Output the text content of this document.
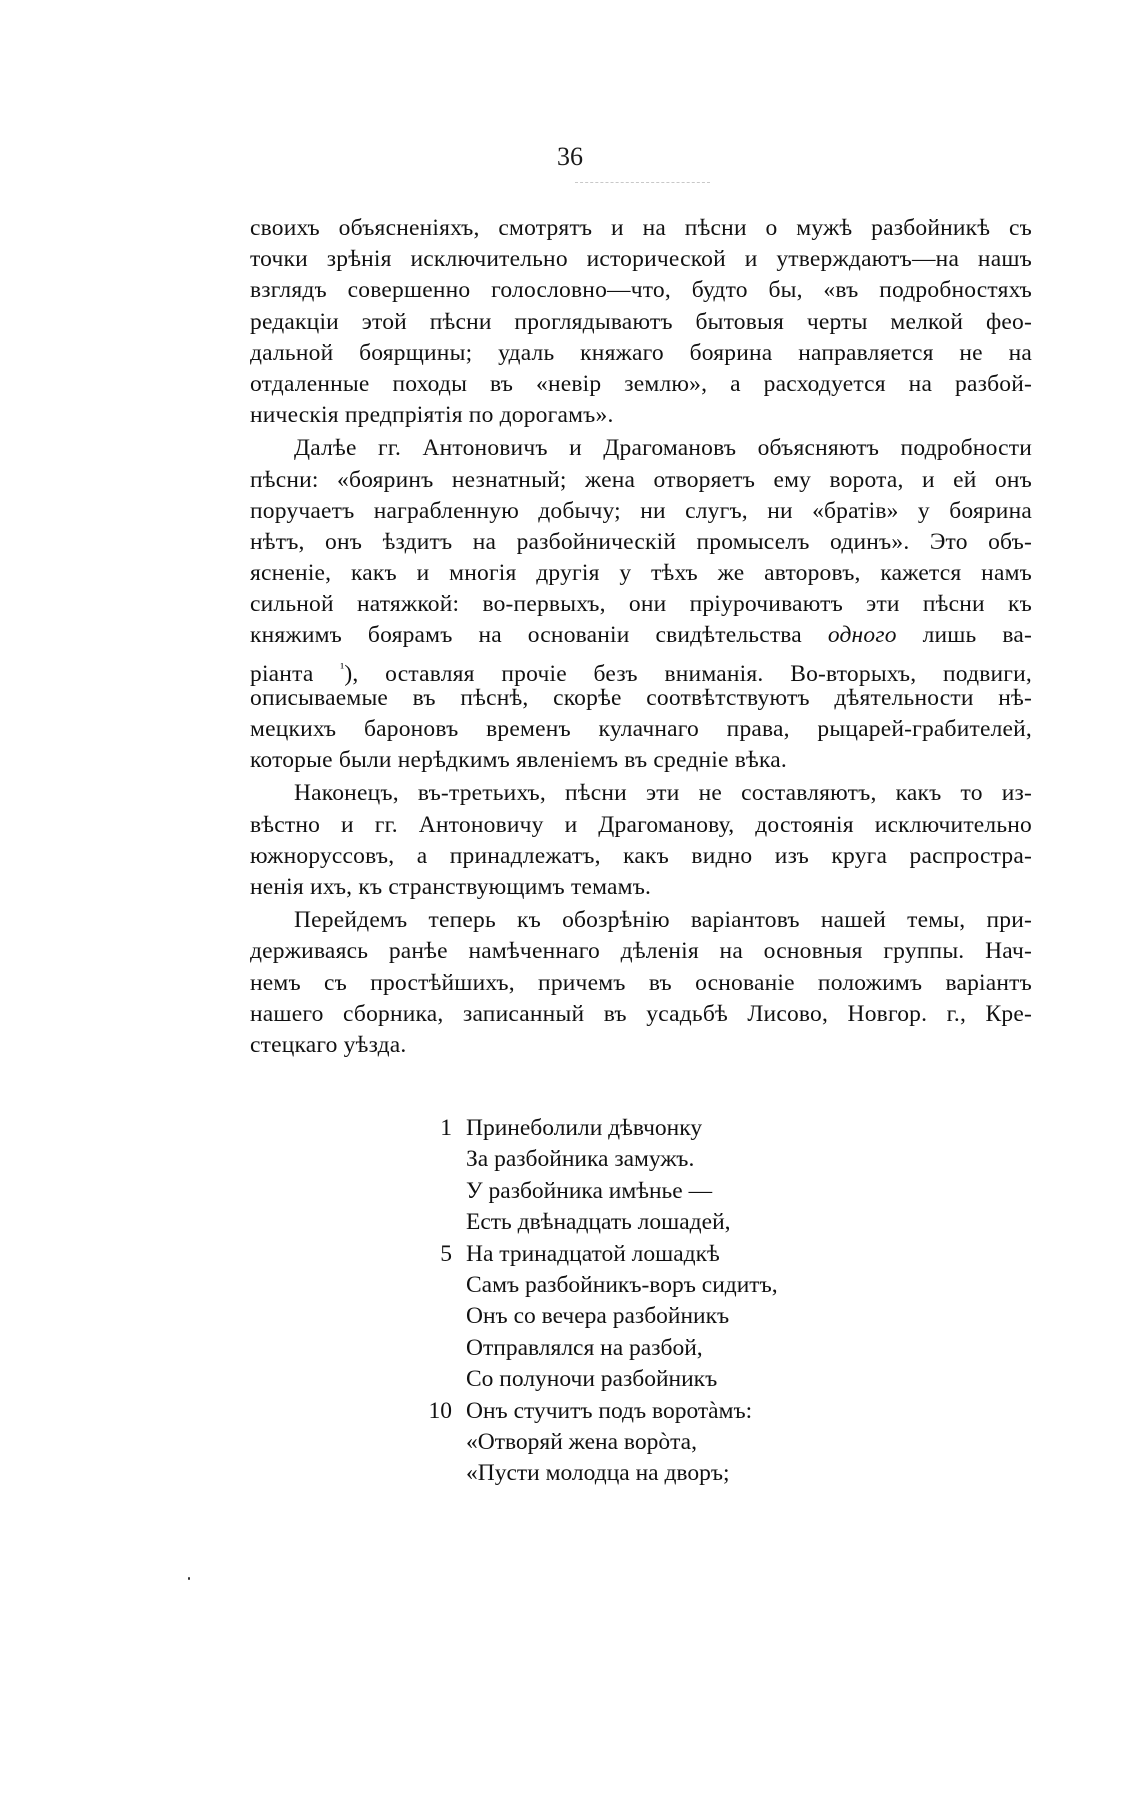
36

своихъ объясненіяхъ, смотрятъ и на пѣсни о мужѣ разбойникѣ съ
точки зрѣнія исключительно исторической и утверждаютъ—на нашъ
взглядъ совершенно голословно—что, будто бы, «въ подробностяхъ
редакціи этой пѣсни проглядываютъ бытовыя черты мелкой фео-
дальной боярщины; удаль княжаго боярина направляется не на
отдаленные походы въ «невір землю», а расходуется на разбой-
ническія предпріятія по дорогамъ».

Далѣе гг. Антоновичъ и Драгомановъ объясняютъ подробности
пѣсни: «бояринъ незнатный; жена отворяетъ ему ворота, и ей онъ
поручаетъ награбленную добычу; ни слугъ, ни «братів» у боярина
нѣтъ, онъ ѣздитъ на разбойническій промыселъ одинъ». Это объ-
ясненіе, какъ и многія другія у тѣхъ же авторовъ, кажется намъ
сильной натяжкой: во-первыхъ, они пріурочиваютъ эти пѣсни къ
княжимъ боярамъ на основаніи свидѣтельства одного лишь ва-
ріанта $^{^1}$), оставляя прочіе безъ вниманія. Во-вторыхъ, подвиги,
описываемые въ пѣснѣ, скорѣе соотвѣтствуютъ дѣятельности нѣ-
мецкихъ бароновъ временъ кулачнаго права, рыцарей-грабителей,
которые были нерѣдкимъ явленіемъ въ средніе вѣка.

Наконецъ, въ-третьихъ, пѣсни эти не составляютъ, какъ то из-
вѣстно и гг. Антоновичу и Драгоманову, достоянія исключительно
южноруссовъ, а принадлежатъ, какъ видно изъ круга распростра-
ненія ихъ, къ странствующимъ темамъ.

Перейдемъ теперь къ обозрѣнію варіантовъ нашей темы, при-
держиваясь ранѣе намѣченнаго дѣленія на основныя группы. Нач-
немъ съ простѣйшихъ, причемъ въ основаніе положимъ варіантъ
нашего сборника, записанный въ усадьбѣ Лисово, Новгор. г., Кре-
стецкаго уѣзда.

1 Принеболили дѣвчонку
За разбойника замужъ.
У разбойника имѣнье —
Есть двѣнадцать лошадей,
5 На тринадцатой лошадкѣ
Самъ разбойникъ-воръ сидитъ,
Онъ со вечера разбойникъ
Отправлялся на разбой,
Со полуночи разбойникъ
10 Онъ стучитъ подъ воротàмъ:
«Отворяй жена ворòта,
«Пусти молодца на дворъ;
